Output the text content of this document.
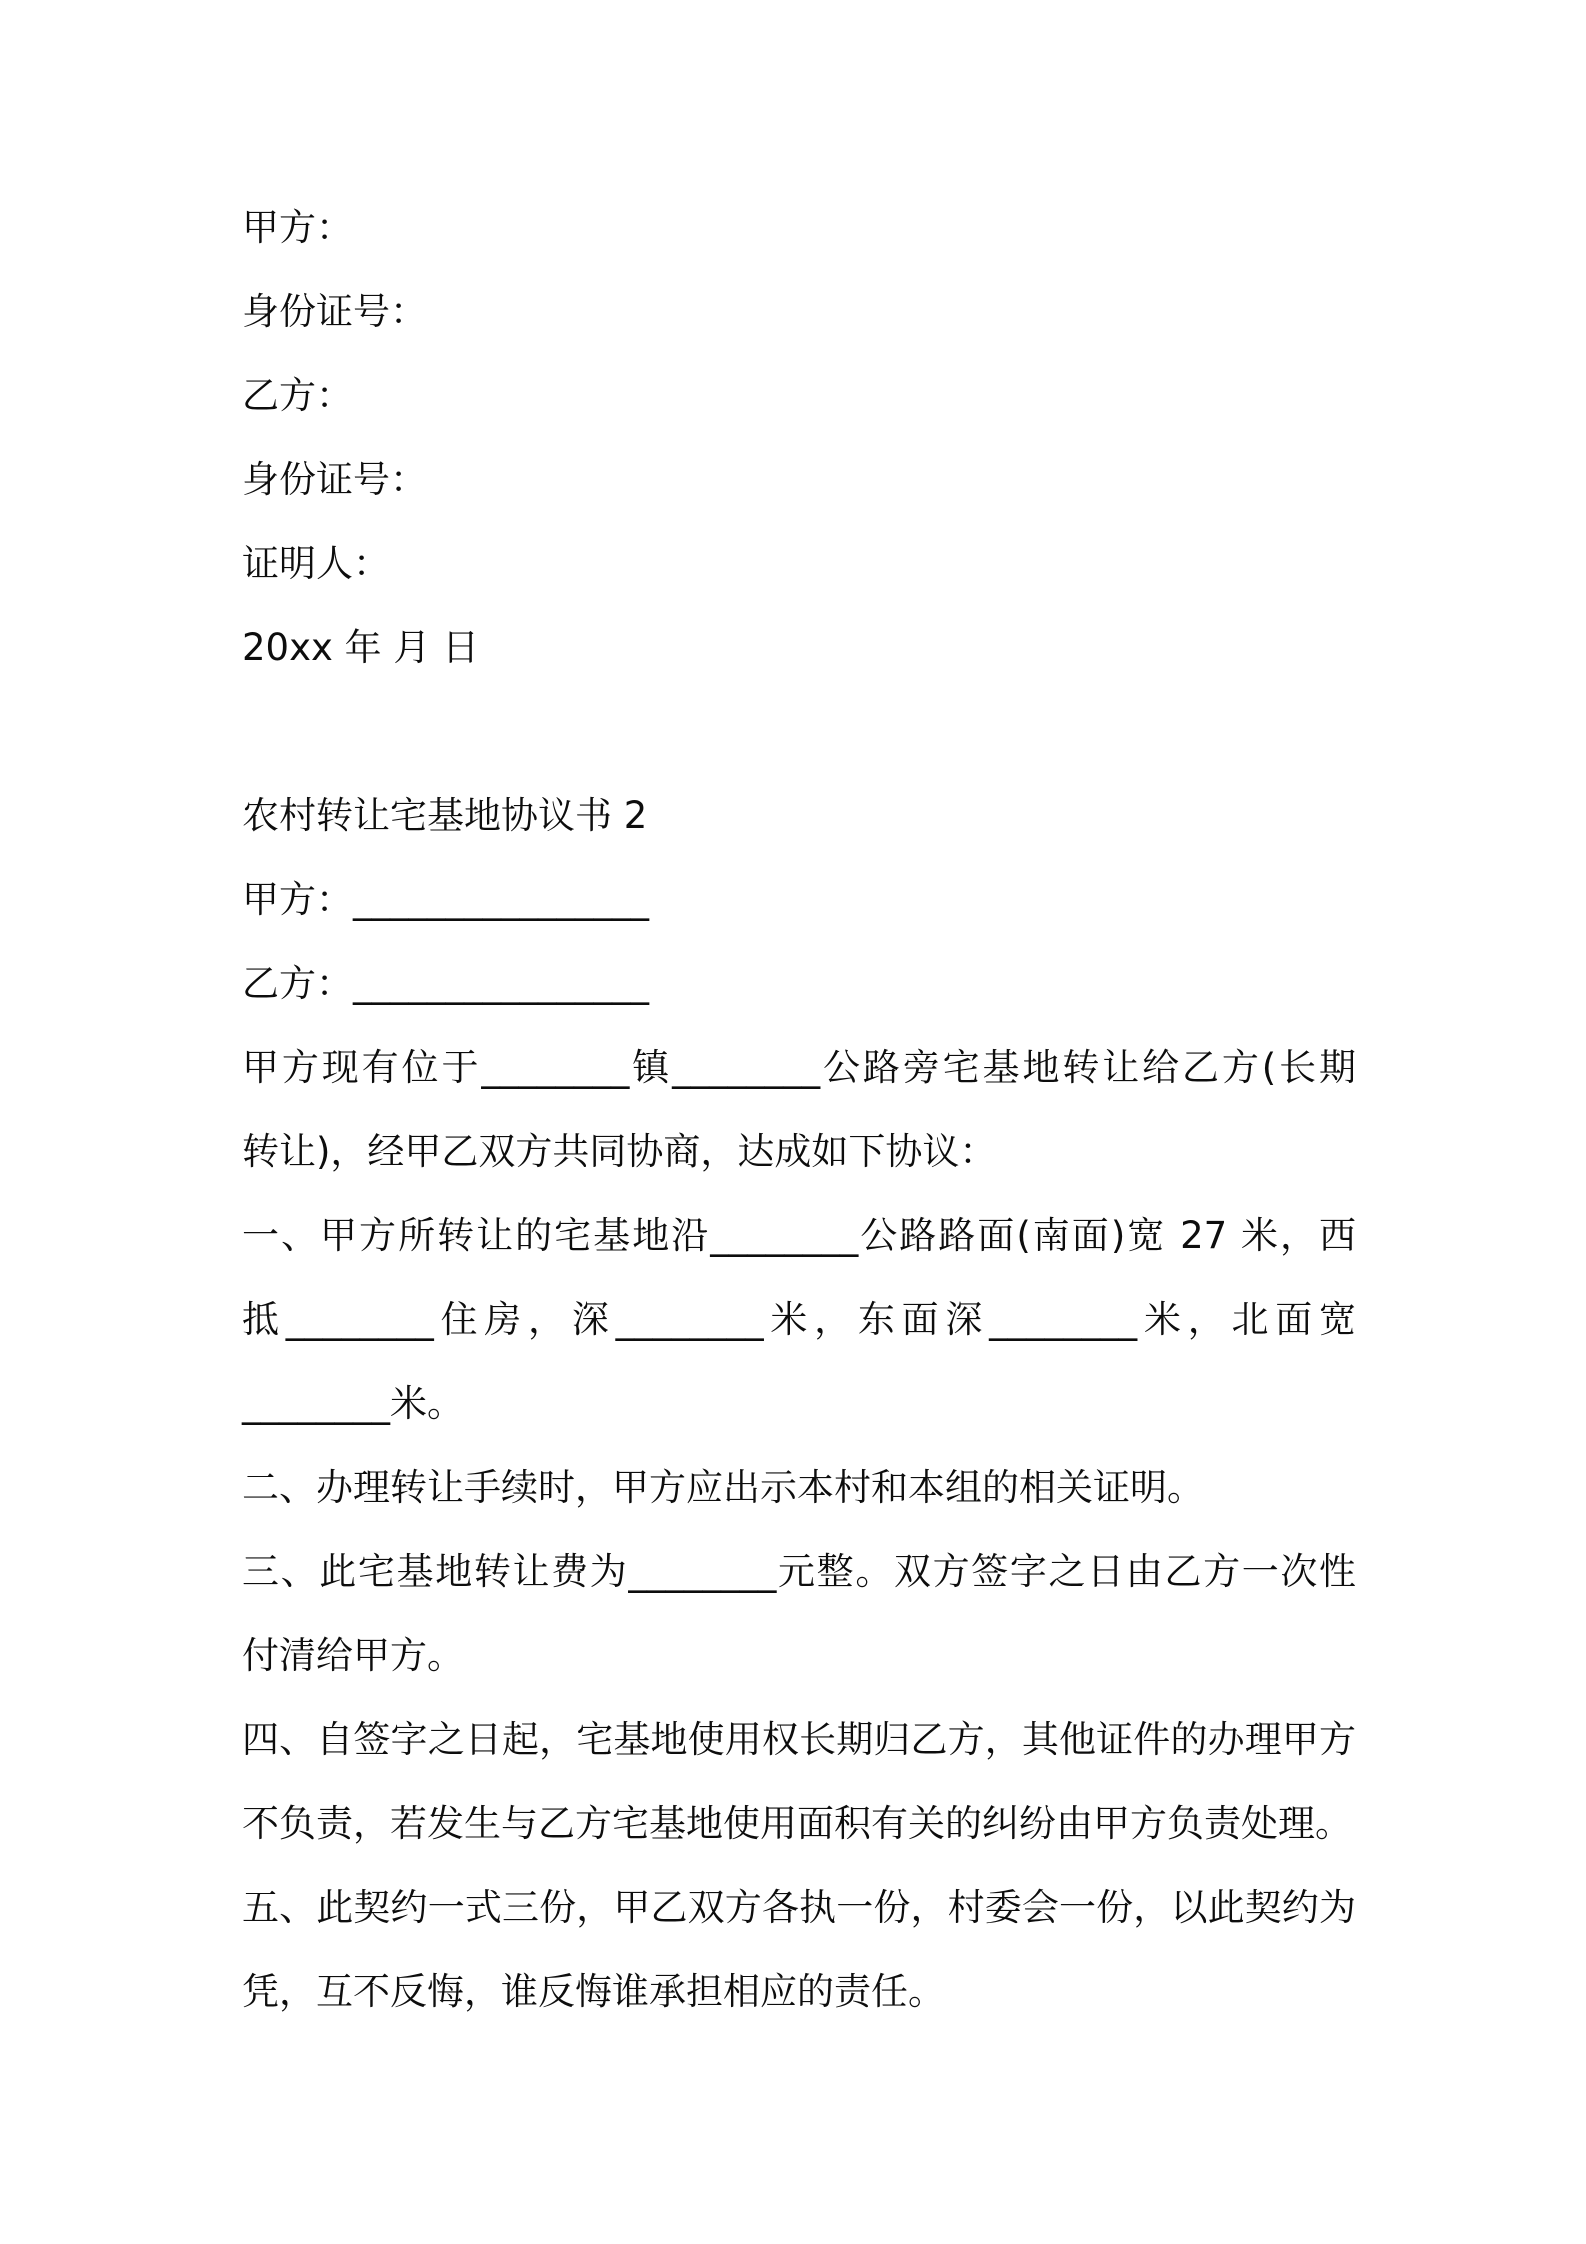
甲方：
身份证号：
乙方：
身份证号：
证明人：
20xx 年 月 日
农村转让宅基地协议书 2
甲方：________________
乙方：________________
甲方现有位于________镇________公路旁宅基地转让给乙方(长期
转让)，经甲乙双方共同协商，达成如下协议：
一、甲方所转让的宅基地沿________公路路面(南面)宽 27 米，西
抵________住房，深________米，东面深________米，北面宽
________米。
二、办理转让手续时，甲方应出示本村和本组的相关证明。
三、此宅基地转让费为________元整。双方签字之日由乙方一次性
付清给甲方。
四、自签字之日起，宅基地使用权长期归乙方，其他证件的办理甲方
不负责，若发生与乙方宅基地使用面积有关的纠纷由甲方负责处理。
五、此契约一式三份，甲乙双方各执一份，村委会一份，以此契约为
凭，互不反悔，谁反悔谁承担相应的责任。
